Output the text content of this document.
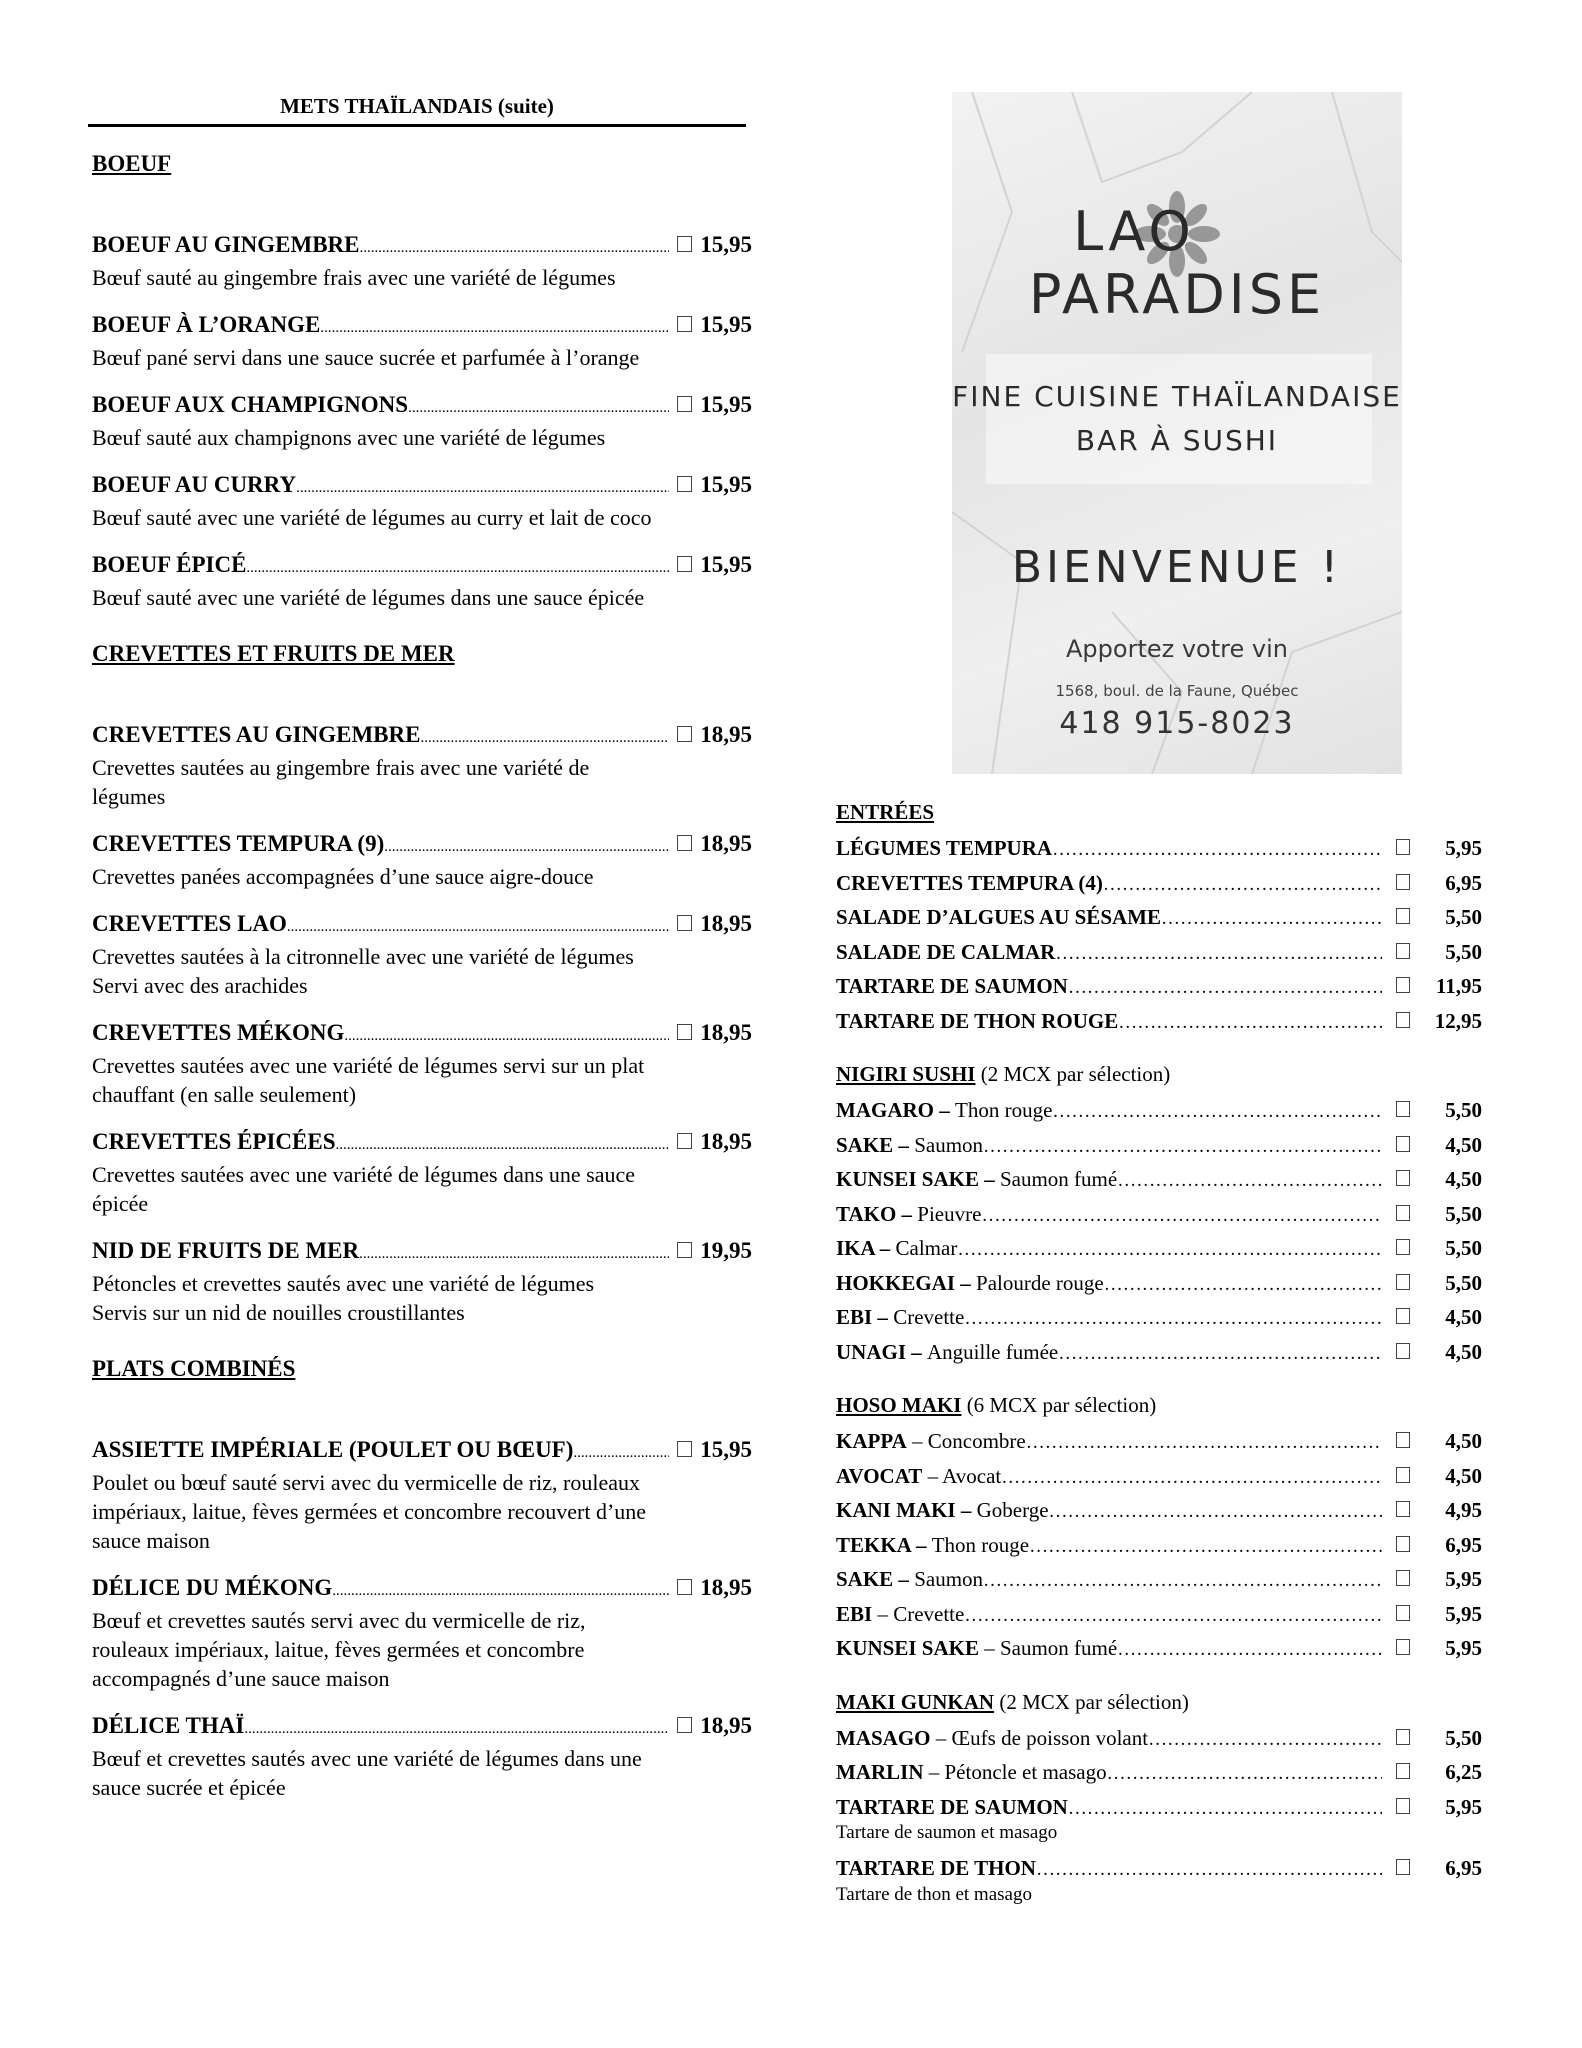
METS THAÏLANDAIS (suite)
BOEUF
BOEUF AU GINGEMBRE .....	15,95
Bœuf sauté au gingembre frais avec une variété de légumes
BOEUF À L’ORANGE .....	15,95
Bœuf pané servi dans une sauce sucrée et parfumée à l’orange
BOEUF AUX CHAMPIGNONS .....	15,95
Bœuf sauté aux champignons avec une variété de légumes
BOEUF AU CURRY .....	15,95
Bœuf sauté avec une variété de légumes au curry et lait de coco
BOEUF ÉPICÉ .....	15,95
Bœuf sauté avec une variété de légumes dans une sauce épicée
CREVETTES ET FRUITS DE MER
CREVETTES AU GINGEMBRE .....	18,95
Crevettes sautées au gingembre frais avec une variété de
légumes
CREVETTES TEMPURA (9) .....	18,95
Crevettes panées accompagnées d’une sauce aigre-douce
CREVETTES LAO .....	18,95
Crevettes sautées à la citronnelle avec une variété de légumes
Servi avec des arachides
CREVETTES MÉKONG .....	18,95
Crevettes sautées avec une variété de légumes servi sur un plat
chauffant (en salle seulement)
CREVETTES ÉPICÉES .....	18,95
Crevettes sautées avec une variété de légumes dans une sauce
épicée
NID DE FRUITS DE MER .....	19,95
Pétoncles et crevettes sautés avec une variété de légumes
Servis sur un nid de nouilles croustillantes
PLATS COMBINÉS
ASSIETTE IMPÉRIALE (POULET OU BŒUF) .....	15,95
Poulet ou bœuf sauté servi avec du vermicelle de riz, rouleaux
impériaux, laitue, fèves germées et concombre recouvert d’une
sauce maison
DÉLICE DU MÉKONG .....	18,95
Bœuf et crevettes sautés servi avec du vermicelle de riz,
rouleaux impériaux, laitue, fèves germées et concombre
accompagnés d’une sauce maison
DÉLICE THAÏ .....	18,95
Bœuf et crevettes sautés avec une variété de légumes dans une
sauce sucrée et épicée
LAOPARADISE
FINE CUISINE THAÏLANDAISE
BAR À SUSHI
BIENVENUE !
Apportez votre vin
1568, boul. de la Faune, Québec
418 915-8023
ENTRÉES
LÉGUMES TEMPURA …………………………………………………………………………………………………………………………………	5,95
CREVETTES TEMPURA (4) …………………………………………………………………………………………………………………………………	6,95
SALADE D’ALGUES AU SÉSAME …………………………………………………………………………………………………………………………………	5,50
SALADE DE CALMAR …………………………………………………………………………………………………………………………………	5,50
TARTARE DE SAUMON …………………………………………………………………………………………………………………………………	11,95
TARTARE DE THON ROUGE …………………………………………………………………………………………………………………………………	12,95
NIGIRI SUSHI (2 MCX par sélection)
MAGARO –
Thon rouge …………………………………………………………………………………………………………………………………	5,50
SAKE –
Saumon …………………………………………………………………………………………………………………………………	4,50
KUNSEI SAKE –
Saumon fumé …………………………………………………………………………………………………………………………………	4,50
TAKO –
Pieuvre …………………………………………………………………………………………………………………………………	5,50
IKA –
Calmar …………………………………………………………………………………………………………………………………	5,50
HOKKEGAI –
Palourde rouge …………………………………………………………………………………………………………………………………	5,50
EBI –
Crevette …………………………………………………………………………………………………………………………………	4,50
UNAGI –
Anguille fumée …………………………………………………………………………………………………………………………………	4,50
HOSO MAKI (6 MCX par sélection)
KAPPA
– Concombre …………………………………………………………………………………………………………………………………	4,50
AVOCAT
– Avocat …………………………………………………………………………………………………………………………………	4,50
KANI MAKI –
Goberge …………………………………………………………………………………………………………………………………	4,95
TEKKA –
Thon rouge …………………………………………………………………………………………………………………………………	6,95
SAKE –
Saumon …………………………………………………………………………………………………………………………………	5,95
EBI
– Crevette …………………………………………………………………………………………………………………………………	5,95
KUNSEI SAKE
– Saumon fumé …………………………………………………………………………………………………………………………………	5,95
MAKI GUNKAN (2 MCX par sélection)
MASAGO
– Œufs de poisson volant …………………………………………………………………………………………………………………………………	5,50
MARLIN
– Pétoncle et masago …………………………………………………………………………………………………………………………………	6,25
TARTARE DE SAUMON …………………………………………………………………………………………………………………………………	5,95
Tartare de saumon et masago
TARTARE DE THON …………………………………………………………………………………………………………………………………	6,95
Tartare de thon et masago
